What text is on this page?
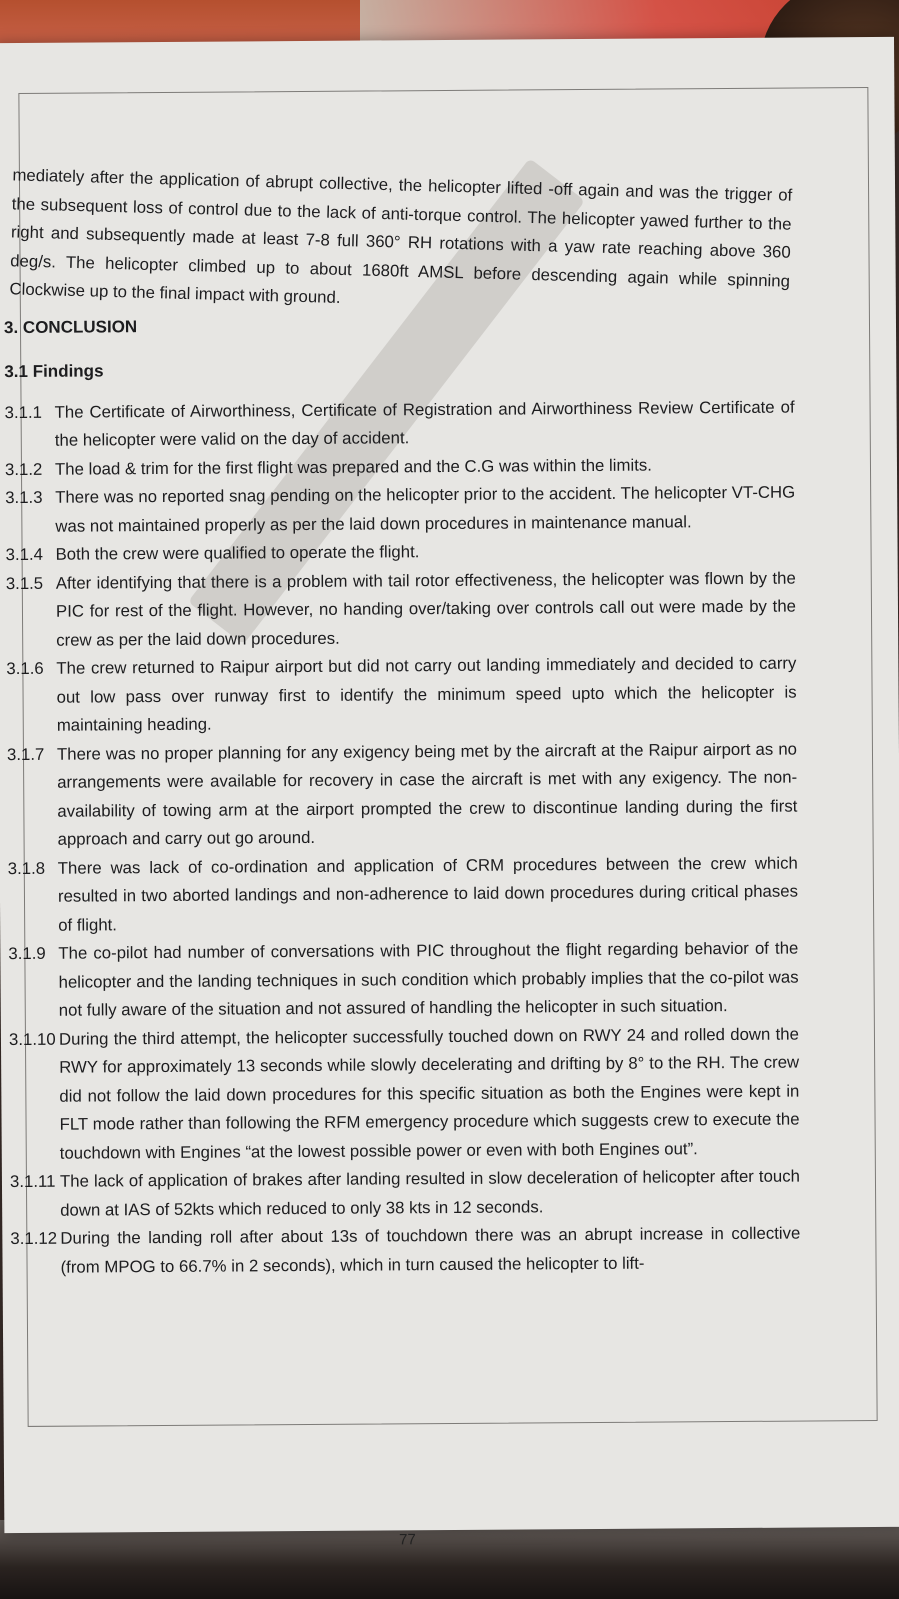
mediately after the application of abrupt collective, the helicopter lifted -off again and was the trigger of the subsequent loss of control due to the lack of anti-torque control. The helicopter yawed further to the right and subsequently made at least 7-8 full 360° RH rotations with a yaw rate reaching above 360 deg/s. The helicopter climbed up to about 1680ft AMSL before descending again while spinning Clockwise up to the final impact with ground.
3. CONCLUSION
3.1 Findings
3.1.1 The Certificate of Airworthiness, Certificate of Registration and Airworthiness Review Certificate of the helicopter were valid on the day of accident.
3.1.2 The load & trim for the first flight was prepared and the C.G was within the limits.
3.1.3 There was no reported snag pending on the helicopter prior to the accident. The helicopter VT-CHG was not maintained properly as per the laid down procedures in maintenance manual.
3.1.4 Both the crew were qualified to operate the flight.
3.1.5 After identifying that there is a problem with tail rotor effectiveness, the helicopter was flown by the PIC for rest of the flight. However, no handing over/taking over controls call out were made by the crew as per the laid down procedures.
3.1.6 The crew returned to Raipur airport but did not carry out landing immediately and decided to carry out low pass over runway first to identify the minimum speed upto which the helicopter is maintaining heading.
3.1.7 There was no proper planning for any exigency being met by the aircraft at the Raipur airport as no arrangements were available for recovery in case the aircraft is met with any exigency. The non-availability of towing arm at the airport prompted the crew to discontinue landing during the first approach and carry out go around.
3.1.8 There was lack of co-ordination and application of CRM procedures between the crew which resulted in two aborted landings and non-adherence to laid down procedures during critical phases of flight.
3.1.9 The co-pilot had number of conversations with PIC throughout the flight regarding behavior of the helicopter and the landing techniques in such condition which probably implies that the co-pilot was not fully aware of the situation and not assured of handling the helicopter in such situation.
3.1.10 During the third attempt, the helicopter successfully touched down on RWY 24 and rolled down the RWY for approximately 13 seconds while slowly decelerating and drifting by 8° to the RH. The crew did not follow the laid down procedures for this specific situation as both the Engines were kept in FLT mode rather than following the RFM emergency procedure which suggests crew to execute the touchdown with Engines “at the lowest possible power or even with both Engines out”.
3.1.11 The lack of application of brakes after landing resulted in slow deceleration of helicopter after touch down at IAS of 52kts which reduced to only 38 kts in 12 seconds.
3.1.12 During the landing roll after about 13s of touchdown there was an abrupt increase in collective (from MPOG to 66.7% in 2 seconds), which in turn caused the helicopter to lift-
77
